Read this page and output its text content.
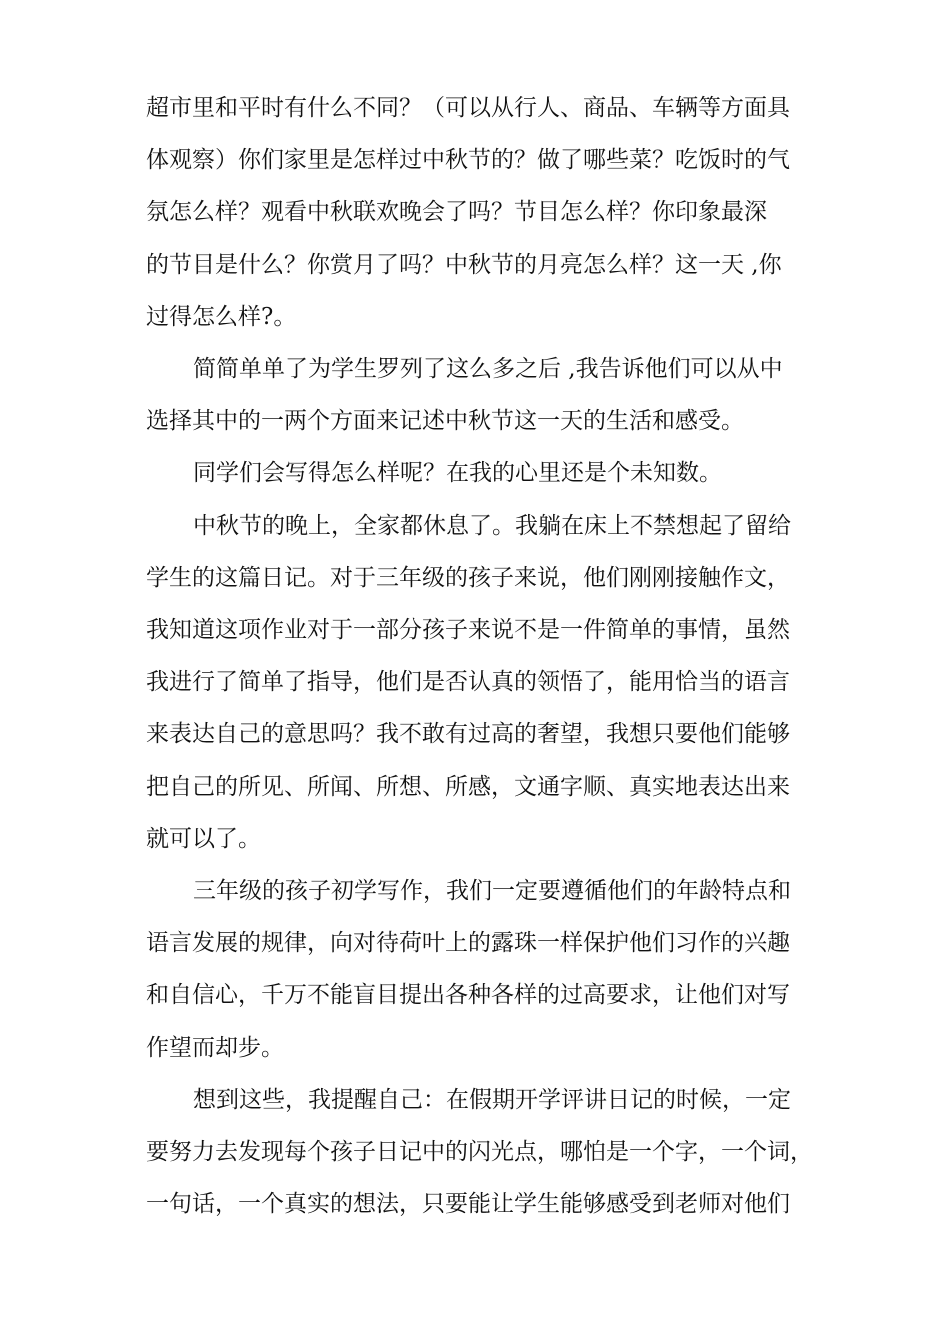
超市里和平时有什么不同？（可以从行人、商品、车辆等方面具
体观察）你们家里是怎样过中秋节的？做了哪些菜？吃饭时的气
氛怎么样？观看中秋联欢晚会了吗？节目怎么样？你印象最深
的节目是什么？你赏月了吗？中秋节的月亮怎么样？这一天 ,你
过得怎么样?。

简简单单了为学生罗列了这么多之后 ,我告诉他们可以从中
选择其中的一两个方面来记述中秋节这一天的生活和感受。

同学们会写得怎么样呢？在我的心里还是个未知数。

中秋节的晚上，全家都休息了。我躺在床上不禁想起了留给
学生的这篇日记。对于三年级的孩子来说，他们刚刚接触作文，
我知道这项作业对于一部分孩子来说不是一件简单的事情，虽然
我进行了简单了指导，他们是否认真的领悟了，能用恰当的语言
来表达自己的意思吗？我不敢有过高的奢望，我想只要他们能够
把自己的所见、所闻、所想、所感，文通字顺、真实地表达出来
就可以了。

三年级的孩子初学写作，我们一定要遵循他们的年龄特点和
语言发展的规律，向对待荷叶上的露珠一样保护他们习作的兴趣
和自信心，千万不能盲目提出各种各样的过高要求，让他们对写
作望而却步。

想到这些，我提醒自己：在假期开学评讲日记的时候，一定
要努力去发现每个孩子日记中的闪光点，哪怕是一个字，一个词，
一句话，一个真实的想法，只要能让学生能够感受到老师对他们
